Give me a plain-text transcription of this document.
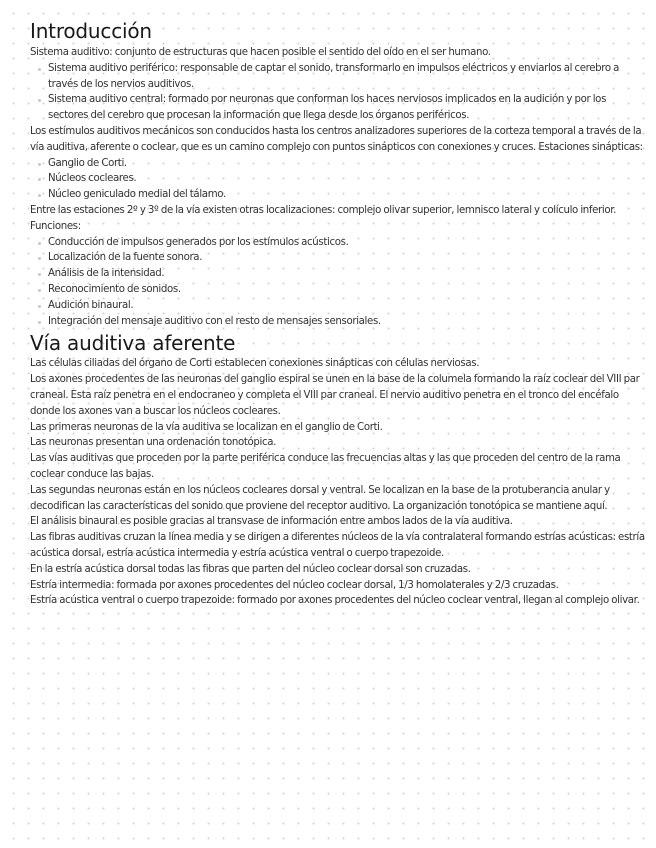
Introducción

Sistema auditivo: conjunto de estructuras que hacen posible el sentido del oído en el ser humano.

Sistema auditivo periférico: responsable de captar el sonido, transformarlo en impulsos eléctricos y enviarlos al cerebro a través de los nervios auditivos.

Sistema auditivo central: formado por neuronas que conforman los haces nerviosos implicados en la audición y por los sectores del cerebro que procesan la información que llega desde los órganos periféricos.

Los estímulos auditivos mecánicos son conducidos hasta los centros analizadores superiores de la corteza temporal a través de la vía auditiva, aferente o coclear, que es un camino complejo con puntos sinápticos con conexiones y cruces. Estaciones sinápticas:

Ganglio de Corti.

Núcleos cocleares.

Núcleo geniculado medial del tálamo.

Entre las estaciones 2º y 3º de la vía existen otras localizaciones: complejo olivar superior, lemnisco lateral y colículo inferior. Funciones:

Conducción de impulsos generados por los estímulos acústicos.

Localización de la fuente sonora.

Análisis de la intensidad.

Reconocimiento de sonidos.

Audición binaural.

Integración del mensaje auditivo con el resto de mensajes sensoriales.

Vía auditiva aferente

Las células ciliadas del órgano de Corti establecen conexiones sinápticas con células nerviosas.

Los axones procedentes de las neuronas del ganglio espiral se unen en la base de la columela formando la raíz coclear del VIII par craneal. Esta raíz penetra en el endocraneo y completa el VIII par craneal. El nervio auditivo penetra en el tronco del encéfalo donde los axones van a buscar los núcleos cocleares.

Las primeras neuronas de la vía auditiva se localizan en el ganglio de Corti.

Las neuronas presentan una ordenación tonotópica.

Las vías auditivas que proceden por la parte periférica conduce las frecuencias altas y las que proceden del centro de la rama coclear conduce las bajas.

Las segundas neuronas están en los núcleos cocleares dorsal y ventral. Se localizan en la base de la protuberancia anular y decodifican las características del sonido que proviene del receptor auditivo. La organización tonotópica se mantiene aquí.

El análisis binaural es posible gracias al transvase de información entre ambos lados de la vía auditiva.

Las fibras auditivas cruzan la línea media y se dirigen a diferentes núcleos de la vía contralateral formando estrías acústicas: estría acústica dorsal, estría acústica intermedia y estría acústica ventral o cuerpo trapezoide.

En la estría acústica dorsal todas las fibras que parten del núcleo coclear dorsal son cruzadas.

Estría intermedia: formada por axones procedentes del núcleo coclear dorsal, 1/3 homolaterales y 2/3 cruzadas.

Estría acústica ventral o cuerpo trapezoide: formado por axones procedentes del núcleo coclear ventral, llegan al complejo olivar.
